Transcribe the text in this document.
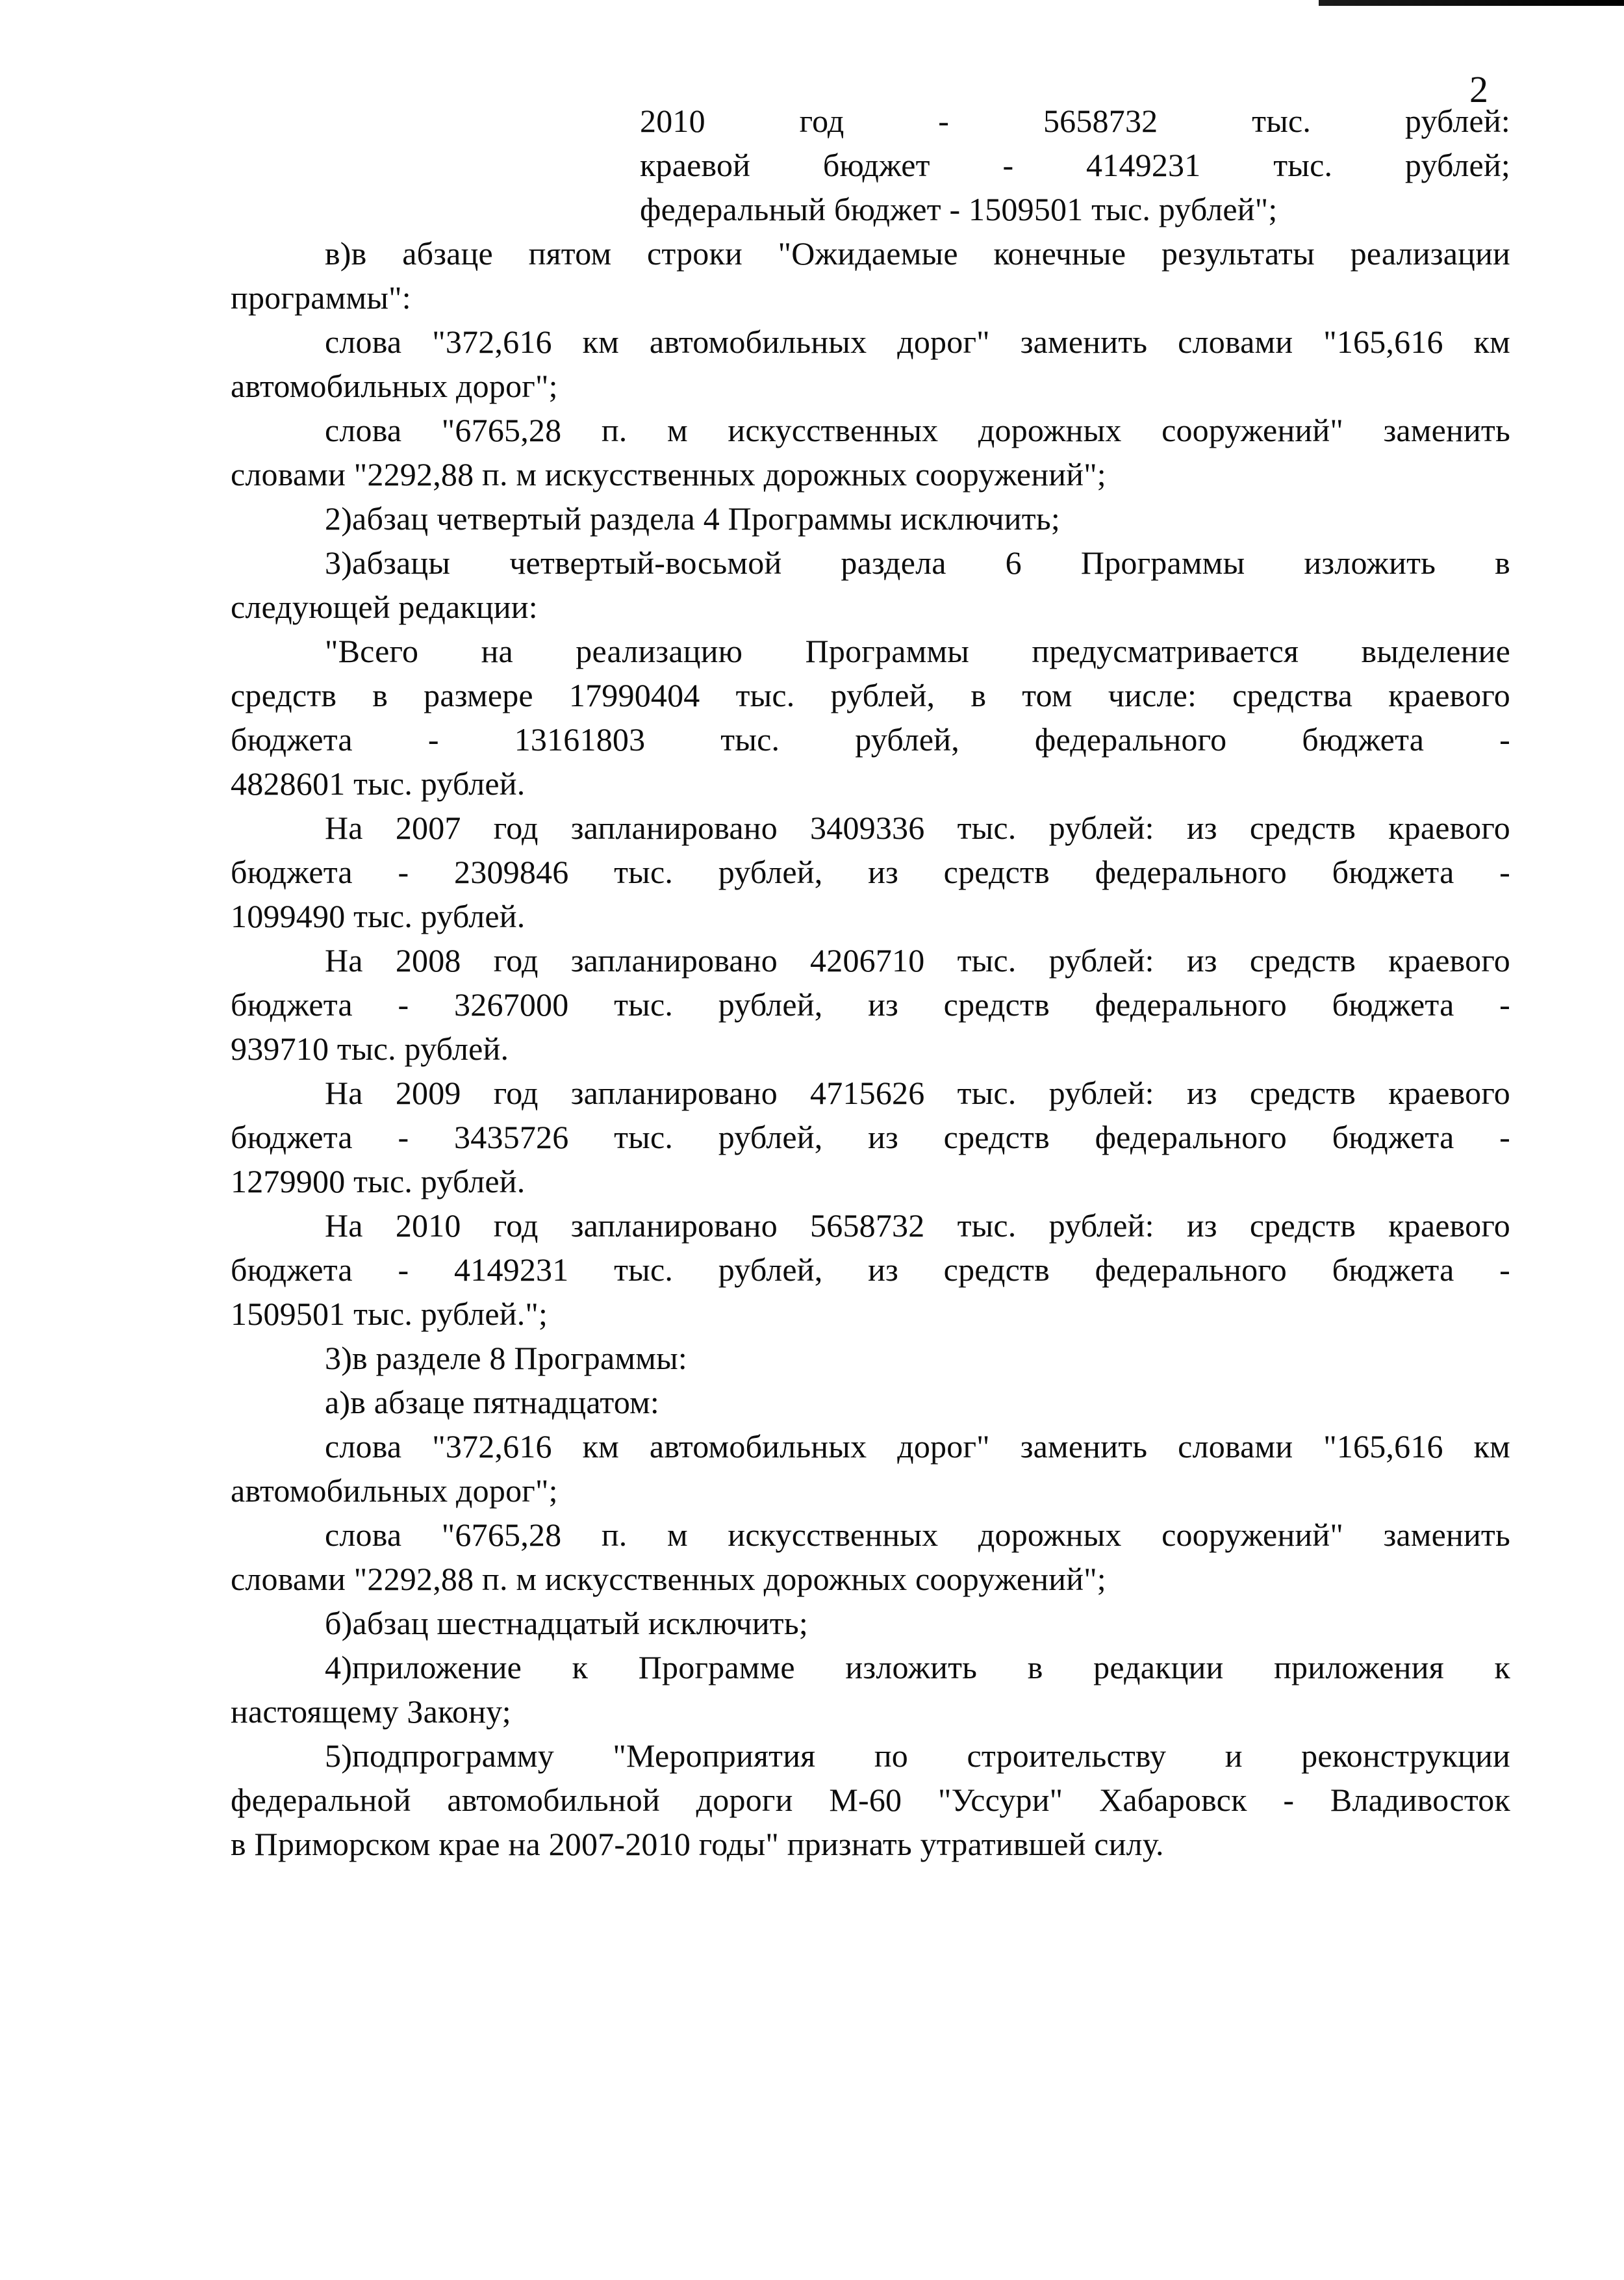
2
2010 год - 5658732 тыс. рублей:
краевой бюджет - 4149231 тыс. рублей;
федеральный бюджет - 1509501 тыс. рублей";
в)в абзаце пятом строки "Ожидаемые конечные результаты реализации
программы":
слова "372,616 км автомобильных дорог" заменить словами "165,616 км
автомобильных дорог";
слова "6765,28 п. м искусственных дорожных сооружений" заменить
словами "2292,88 п. м искусственных дорожных сооружений";
2)абзац четвертый раздела 4 Программы исключить;
3)абзацы четвертый-восьмой раздела 6 Программы изложить в
следующей редакции:
"Всего на реализацию Программы предусматривается выделение
средств в размере 17990404 тыс. рублей, в том числе: средства краевого
бюджета - 13161803 тыс. рублей, федерального бюджета -
4828601 тыс. рублей.
На 2007 год запланировано 3409336 тыс. рублей: из средств краевого
бюджета - 2309846 тыс. рублей, из средств федерального бюджета -
1099490 тыс. рублей.
На 2008 год запланировано 4206710 тыс. рублей: из средств краевого
бюджета - 3267000 тыс. рублей, из средств федерального бюджета -
939710 тыс. рублей.
На 2009 год запланировано 4715626 тыс. рублей: из средств краевого
бюджета - 3435726 тыс. рублей, из средств федерального бюджета -
1279900 тыс. рублей.
На 2010 год запланировано 5658732 тыс. рублей: из средств краевого
бюджета - 4149231 тыс. рублей, из средств федерального бюджета -
1509501 тыс. рублей.";
3)в разделе 8 Программы:
а)в абзаце пятнадцатом:
слова "372,616 км автомобильных дорог" заменить словами "165,616 км
автомобильных дорог";
слова "6765,28 п. м искусственных дорожных сооружений" заменить
словами "2292,88 п. м искусственных дорожных сооружений";
б)абзац шестнадцатый исключить;
4)приложение к Программе изложить в редакции приложения к
настоящему Закону;
5)подпрограмму "Мероприятия по строительству и реконструкции
федеральной автомобильной дороги М-60 "Уссури" Хабаровск - Владивосток
в Приморском крае на 2007-2010 годы" признать утратившей силу.
